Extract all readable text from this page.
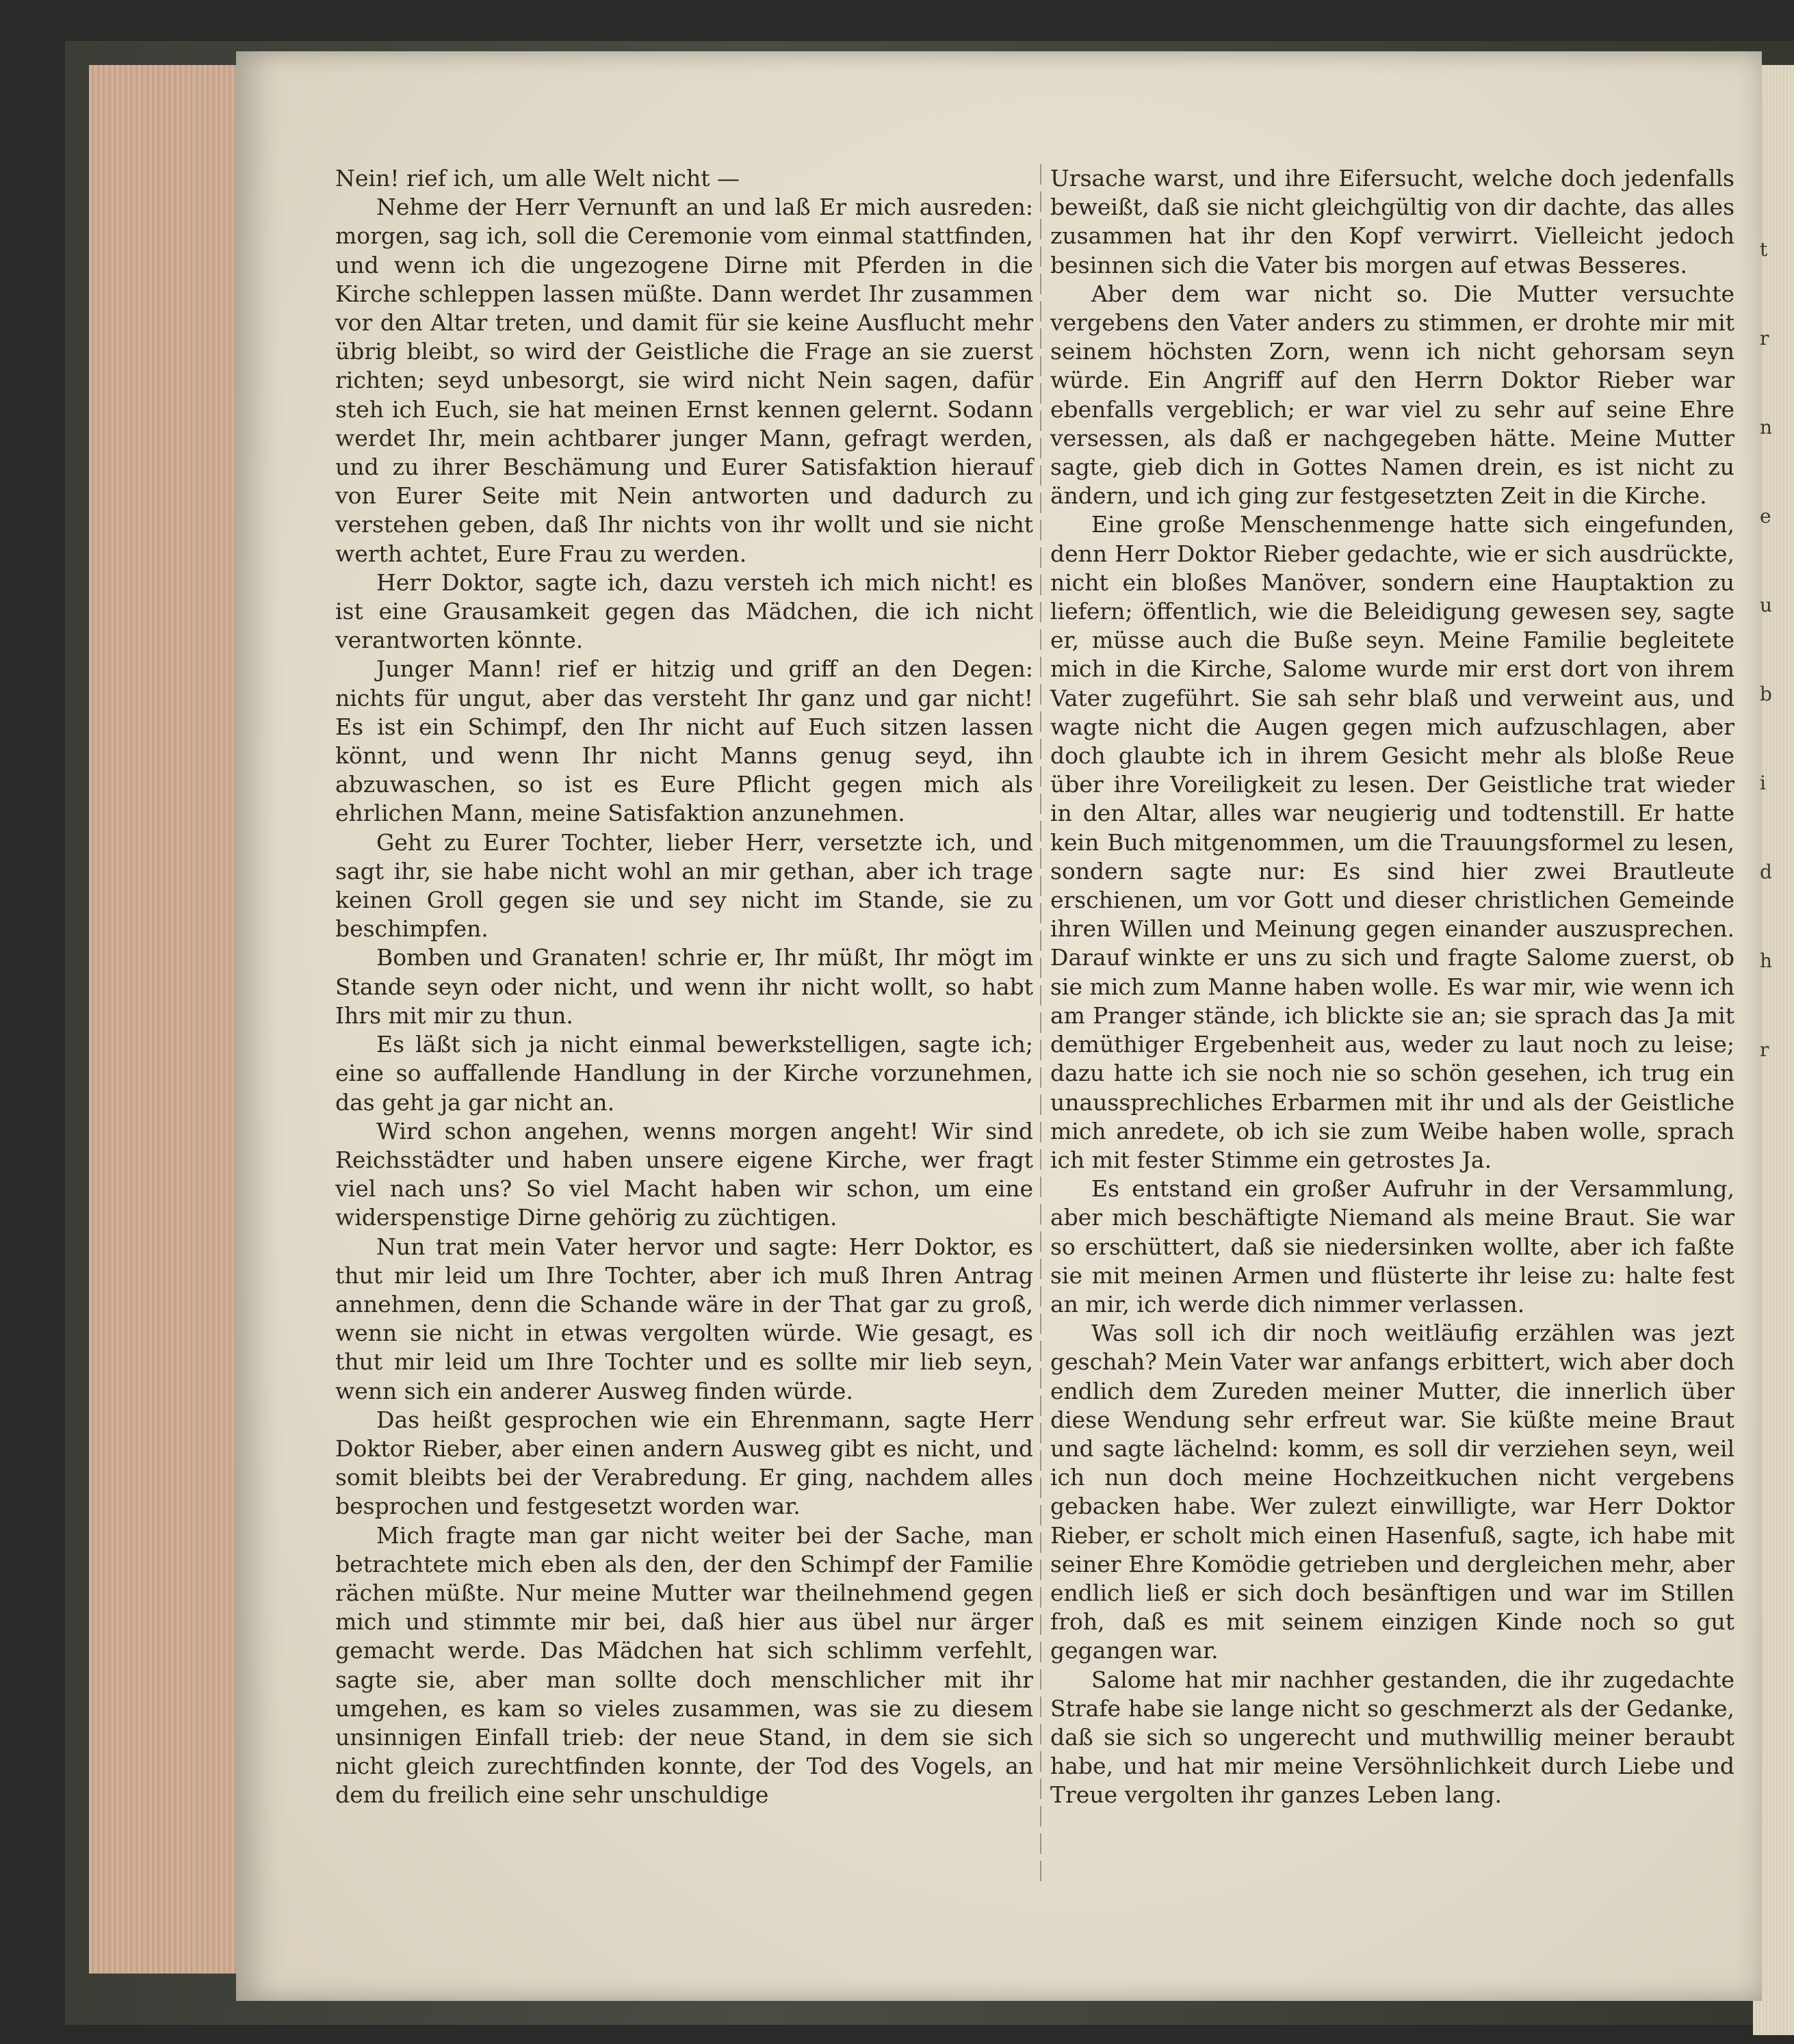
Nein! rief ich, um alle Welt nicht —

Nehme der Herr Vernunft an und laß Er mich ausreden: morgen, sag ich, soll die Ceremonie vom einmal stattfinden, und wenn ich die ungezogene Dirne mit Pferden in die Kirche schleppen lassen müßte. Dann werdet Ihr zusammen vor den Altar treten, und damit für sie keine Ausflucht mehr übrig bleibt, so wird der Geistliche die Frage an sie zuerst richten; seyd unbesorgt, sie wird nicht Nein sagen, dafür steh ich Euch, sie hat meinen Ernst kennen gelernt. Sodann werdet Ihr, mein achtbarer junger Mann, gefragt werden, und zu ihrer Beschämung und Eurer Satisfaktion hierauf von Eurer Seite mit Nein antworten und dadurch zu verstehen geben, daß Ihr nichts von ihr wollt und sie nicht werth achtet, Eure Frau zu werden.

Herr Doktor, sagte ich, dazu versteh ich mich nicht! es ist eine Grausamkeit gegen das Mädchen, die ich nicht verantworten könnte.

Junger Mann! rief er hitzig und griff an den Degen: nichts für ungut, aber das versteht Ihr ganz und gar nicht! Es ist ein Schimpf, den Ihr nicht auf Euch sitzen lassen könnt, und wenn Ihr nicht Manns genug seyd, ihn abzuwaschen, so ist es Eure Pflicht gegen mich als ehrlichen Mann, meine Satisfaktion anzunehmen.

Geht zu Eurer Tochter, lieber Herr, versetzte ich, und sagt ihr, sie habe nicht wohl an mir gethan, aber ich trage keinen Groll gegen sie und sey nicht im Stande, sie zu beschimpfen.

Bomben und Granaten! schrie er, Ihr müßt, Ihr mögt im Stande seyn oder nicht, und wenn ihr nicht wollt, so habt Ihrs mit mir zu thun.

Es läßt sich ja nicht einmal bewerkstelligen, sagte ich; eine so auffallende Handlung in der Kirche vorzunehmen, das geht ja gar nicht an.

Wird schon angehen, wenns morgen angeht! Wir sind Reichsstädter und haben unsere eigene Kirche, wer fragt viel nach uns? So viel Macht haben wir schon, um eine widerspenstige Dirne gehörig zu züchtigen.

Nun trat mein Vater hervor und sagte: Herr Doktor, es thut mir leid um Ihre Tochter, aber ich muß Ihren Antrag annehmen, denn die Schande wäre in der That gar zu groß, wenn sie nicht in etwas vergolten würde. Wie gesagt, es thut mir leid um Ihre Tochter und es sollte mir lieb seyn, wenn sich ein anderer Ausweg finden würde.

Das heißt gesprochen wie ein Ehrenmann, sagte Herr Doktor Rieber, aber einen andern Ausweg gibt es nicht, und somit bleibts bei der Verabredung. Er ging, nachdem alles besprochen und festgesetzt worden war.

Mich fragte man gar nicht weiter bei der Sache, man betrachtete mich eben als den, der den Schimpf der Familie rächen müßte. Nur meine Mutter war theilnehmend gegen mich und stimmte mir bei, daß hier aus übel nur ärger gemacht werde. Das Mädchen hat sich schlimm verfehlt, sagte sie, aber man sollte doch menschlicher mit ihr umgehen, es kam so vieles zusammen, was sie zu diesem unsinnigen Einfall trieb: der neue Stand, in dem sie sich nicht gleich zurechtfinden konnte, der Tod des Vogels, an dem du freilich eine sehr unschuldige

Ursache warst, und ihre Eifersucht, welche doch jedenfalls beweißt, daß sie nicht gleichgültig von dir dachte, das alles zusammen hat ihr den Kopf verwirrt. Vielleicht jedoch besinnen sich die Vater bis morgen auf etwas Besseres.

Aber dem war nicht so. Die Mutter versuchte vergebens den Vater anders zu stimmen, er drohte mir mit seinem höchsten Zorn, wenn ich nicht gehorsam seyn würde. Ein Angriff auf den Herrn Doktor Rieber war ebenfalls vergeblich; er war viel zu sehr auf seine Ehre versessen, als daß er nachgegeben hätte. Meine Mutter sagte, gieb dich in Gottes Namen drein, es ist nicht zu ändern, und ich ging zur festgesetzten Zeit in die Kirche.

Eine große Menschenmenge hatte sich eingefunden, denn Herr Doktor Rieber gedachte, wie er sich ausdrückte, nicht ein bloßes Manöver, sondern eine Hauptaktion zu liefern; öffentlich, wie die Beleidigung gewesen sey, sagte er, müsse auch die Buße seyn. Meine Familie begleitete mich in die Kirche, Salome wurde mir erst dort von ihrem Vater zugeführt. Sie sah sehr blaß und verweint aus, und wagte nicht die Augen gegen mich aufzuschlagen, aber doch glaubte ich in ihrem Gesicht mehr als bloße Reue über ihre Voreiligkeit zu lesen. Der Geistliche trat wieder in den Altar, alles war neugierig und todtenstill. Er hatte kein Buch mitgenommen, um die Trauungsformel zu lesen, sondern sagte nur: Es sind hier zwei Brautleute erschienen, um vor Gott und dieser christlichen Gemeinde ihren Willen und Meinung gegen einander auszusprechen. Darauf winkte er uns zu sich und fragte Salome zuerst, ob sie mich zum Manne haben wolle. Es war mir, wie wenn ich am Pranger stände, ich blickte sie an; sie sprach das Ja mit demüthiger Ergebenheit aus, weder zu laut noch zu leise; dazu hatte ich sie noch nie so schön gesehen, ich trug ein unaussprechliches Erbarmen mit ihr und als der Geistliche mich anredete, ob ich sie zum Weibe haben wolle, sprach ich mit fester Stimme ein getrostes Ja.

Es entstand ein großer Aufruhr in der Versammlung, aber mich beschäftigte Niemand als meine Braut. Sie war so erschüttert, daß sie niedersinken wollte, aber ich faßte sie mit meinen Armen und flüsterte ihr leise zu: halte fest an mir, ich werde dich nimmer verlassen.

Was soll ich dir noch weitläufig erzählen was jezt geschah? Mein Vater war anfangs erbittert, wich aber doch endlich dem Zureden meiner Mutter, die innerlich über diese Wendung sehr erfreut war. Sie küßte meine Braut und sagte lächelnd: komm, es soll dir verziehen seyn, weil ich nun doch meine Hochzeitkuchen nicht vergebens gebacken habe. Wer zulezt einwilligte, war Herr Doktor Rieber, er scholt mich einen Hasenfuß, sagte, ich habe mit seiner Ehre Komödie getrieben und dergleichen mehr, aber endlich ließ er sich doch besänftigen und war im Stillen froh, daß es mit seinem einzigen Kinde noch so gut gegangen war.

Salome hat mir nachher gestanden, die ihr zugedachte Strafe habe sie lange nicht so geschmerzt als der Gedanke, daß sie sich so ungerecht und muthwillig meiner beraubt habe, und hat mir meine Versöhnlichkeit durch Liebe und Treue vergolten ihr ganzes Leben lang.

t
r
n
e
u
b
i
d
h
r
